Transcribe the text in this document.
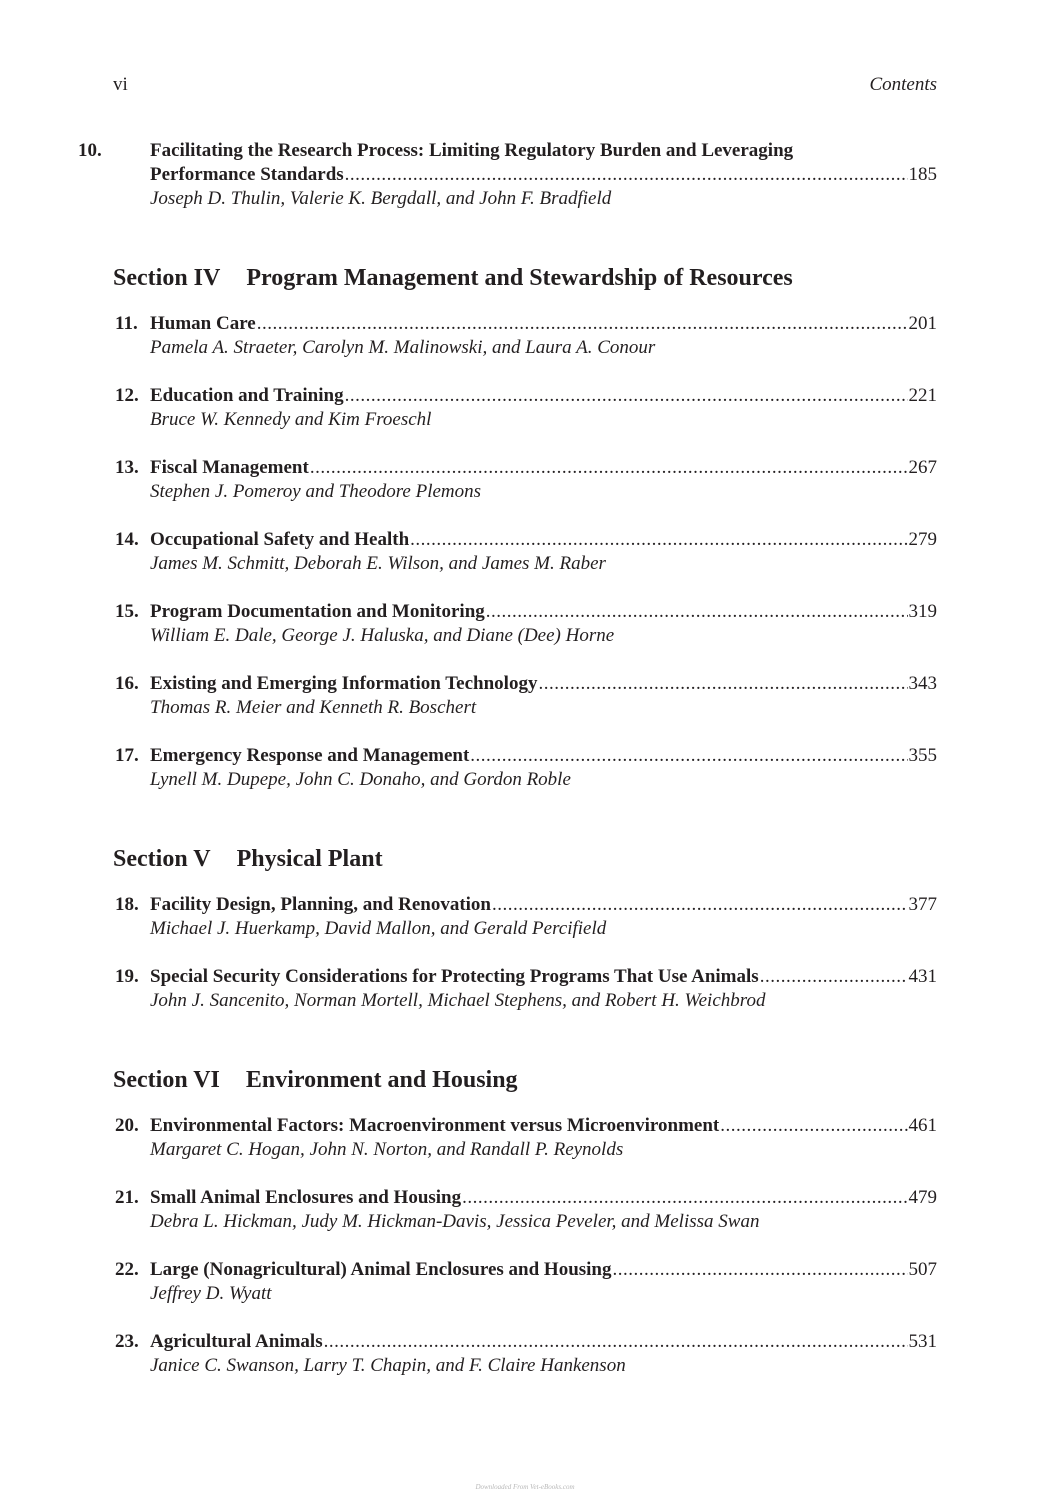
vi	Contents
10.	Facilitating the Research Process: Limiting Regulatory Burden and Leveraging
Performance Standards .....	185
Joseph D. Thulin, Valerie K. Bergdall, and John F. Bradfield
Section IV Program Management and Stewardship of Resources
11. Human Care .....	201
Pamela A. Straeter, Carolyn M. Malinowski, and Laura A. Conour
12. Education and Training .....	221
Bruce W. Kennedy and Kim Froeschl
13. Fiscal Management .....	267
Stephen J. Pomeroy and Theodore Plemons
14. Occupational Safety and Health .....	279
James M. Schmitt, Deborah E. Wilson, and James M. Raber
15. Program Documentation and Monitoring .....	319
William E. Dale, George J. Haluska, and Diane (Dee) Horne
16. Existing and Emerging Information Technology .....	343
Thomas R. Meier and Kenneth R. Boschert
17. Emergency Response and Management .....	355
Lynell M. Dupepe, John C. Donaho, and Gordon Roble
Section V Physical Plant
18. Facility Design, Planning, and Renovation .....	377
Michael J. Huerkamp, David Mallon, and Gerald Percifield
19. Special Security Considerations for Protecting Programs That Use Animals .....	431
John J. Sancenito, Norman Mortell, Michael Stephens, and Robert H. Weichbrod
Section VI Environment and Housing
20. Environmental Factors: Macroenvironment versus Microenvironment .....	461
Margaret C. Hogan, John N. Norton, and Randall P. Reynolds
21. Small Animal Enclosures and Housing .....	479
Debra L. Hickman, Judy M. Hickman-Davis, Jessica Peveler, and Melissa Swan
22. Large (Nonagricultural) Animal Enclosures and Housing .....	507
Jeffrey D. Wyatt
23. Agricultural Animals .....	531
Janice C. Swanson, Larry T. Chapin, and F. Claire Hankenson
Downloaded From Vet-eBooks.com
